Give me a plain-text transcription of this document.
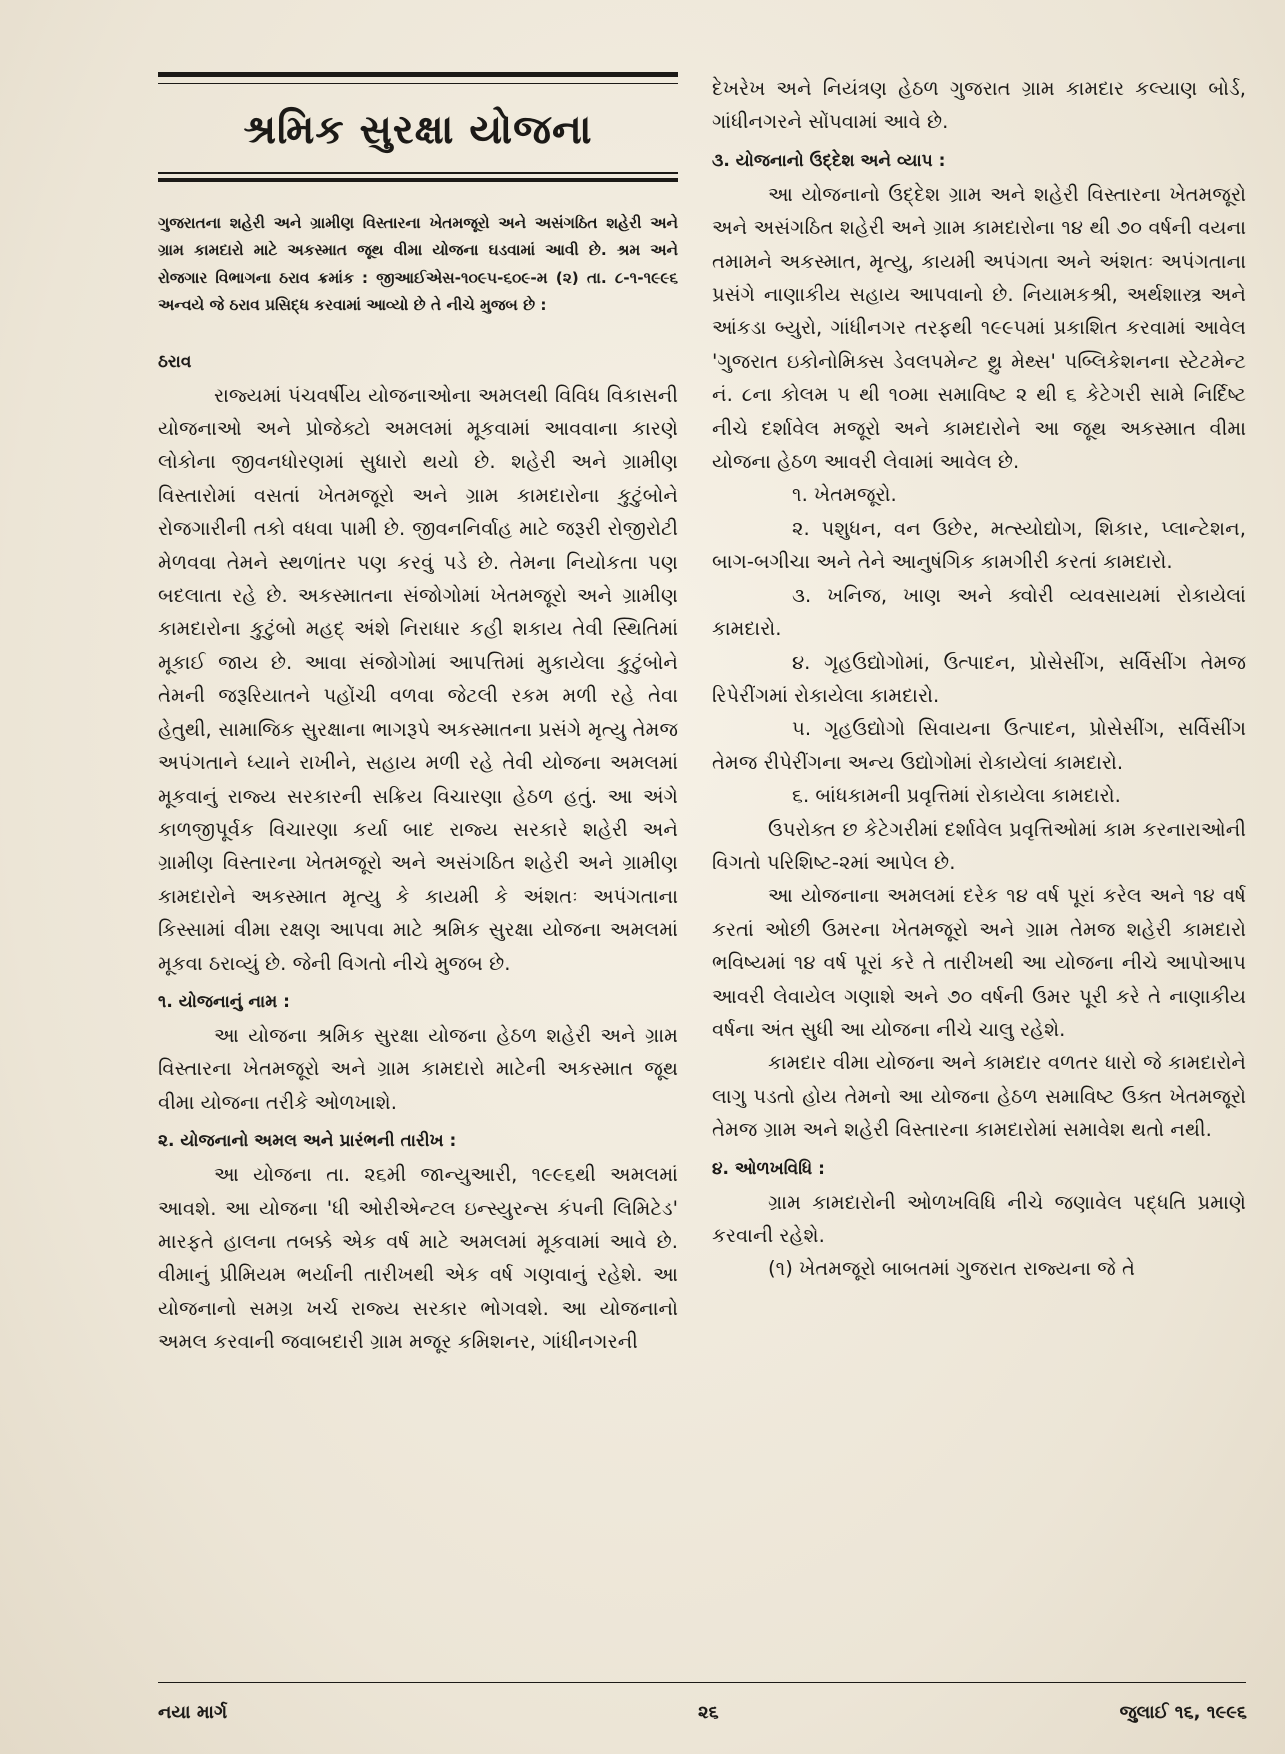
શ્રમિક સુરક્ષા યોજના

ગુજરાતના શહેરી અને ગ્રામીણ વિસ્તારના ખેતમજૂરો અને અસંગઠિત શહેરી અને ગ્રામ કામદારો માટે અકસ્માત જૂથ વીમા યોજના ઘડવામાં આવી છે. શ્રમ અને રોજગાર વિભાગના ઠરાવ ક્રમાંક : જીઆઈએસ-૧૦૯૫-૬૦૯-મ (૨) તા. ૮-૧-૧૯૯૬ અન્વયે જે ઠરાવ પ્રસિદ્ધ કરવામાં આવ્યો છે તે નીચે મુજબ છે :

ઠરાવ

રાજ્યમાં પંચવર્ષીય યોજનાઓના અમલથી વિવિધ વિકાસની યોજનાઓ અને પ્રોજેક્ટો અમલમાં મૂકવામાં આવવાના કારણે લોકોના જીવનધોરણમાં સુધારો થયો છે. શહેરી અને ગ્રામીણ વિસ્તારોમાં વસતાં ખેતમજૂરો અને ગ્રામ કામદારોના કુટુંબોને રોજગારીની તકો વધવા પામી છે. જીવનનિર્વાહ માટે જરૂરી રોજીરોટી મેળવવા તેમને સ્થળાંતર પણ કરવું પડે છે. તેમના નિયોકતા પણ બદલાતા રહે છે. અકસ્માતના સંજોગોમાં ખેતમજૂરો અને ગ્રામીણ કામદારોના કુટુંબો મહદ્ અંશે નિરાધાર કહી શકાય તેવી સ્થિતિમાં મૂકાઈ જાય છે. આવા સંજોગોમાં આપત્તિમાં મુકાયેલા કુટુંબોને તેમની જરૂરિયાતને પહોંચી વળવા જેટલી રકમ મળી રહે તેવા હેતુથી, સામાજિક સુરક્ષાના ભાગરૂપે અકસ્માતના પ્રસંગે મૃત્યુ તેમજ અપંગતાને ધ્યાને રાખીને, સહાય મળી રહે તેવી યોજના અમલમાં મૂકવાનું રાજ્ય સરકારની સક્રિય વિચારણા હેઠળ હતું. આ અંગે કાળજીપૂર્વક વિચારણા કર્યા બાદ રાજ્ય સરકારે શહેરી અને ગ્રામીણ વિસ્તારના ખેતમજૂરો અને અસંગઠિત શહેરી અને ગ્રામીણ કામદારોને અકસ્માત મૃત્યુ કે કાયમી કે અંશતઃ અપંગતાના કિસ્સામાં વીમા રક્ષણ આપવા માટે શ્રમિક સુરક્ષા યોજના અમલમાં મૂકવા ઠરાવ્યું છે. જેની વિગતો નીચે મુજબ છે.

૧. યોજનાનું નામ :

આ યોજના શ્રમિક સુરક્ષા યોજના હેઠળ શહેરી અને ગ્રામ વિસ્તારના ખેતમજૂરો અને ગ્રામ કામદારો માટેની અકસ્માત જૂથ વીમા યોજના તરીકે ઓળખાશે.

૨. યોજનાનો અમલ અને પ્રારંભની તારીખ :

આ યોજના તા. ૨૬મી જાન્યુઆરી, ૧૯૯૬થી અમલમાં આવશે. આ યોજના 'ધી ઓરીએન્ટલ ઇન્સ્યુરન્સ કંપની લિમિટેડ' મારફતે હાલના તબક્કે એક વર્ષ માટે અમલમાં મૂકવામાં આવે છે. વીમાનું પ્રીમિયમ ભર્યાની તારીખથી એક વર્ષ ગણવાનું રહેશે. આ યોજનાનો સમગ્ર ખર્ચ રાજ્ય સરકાર ભોગવશે. આ યોજનાનો અમલ કરવાની જવાબદારી ગ્રામ મજૂર કમિશનર, ગાંધીનગરની

દેખરેખ અને નિયંત્રણ હેઠળ ગુજરાત ગ્રામ કામદાર કલ્યાણ બોર્ડ, ગાંધીનગરને સોંપવામાં આવે છે.

૩. યોજનાનો ઉદ્દેશ અને વ્યાપ :

આ યોજનાનો ઉદ્દેશ ગ્રામ અને શહેરી વિસ્તારના ખેતમજૂરો અને અસંગઠિત શહેરી અને ગ્રામ કામદારોના ૧૪ થી ૭૦ વર્ષની વયના તમામને અકસ્માત, મૃત્યુ, કાયમી અપંગતા અને અંશતઃ અપંગતાના પ્રસંગે નાણાકીય સહાય આપવાનો છે. નિયામકશ્રી, અર્થશાસ્ત્ર અને આંકડા બ્યુરો, ગાંધીનગર તરફથી ૧૯૯૫માં પ્રકાશિત કરવામાં આવેલ 'ગુજરાત ઇકોનોમિક્સ ડેવલપમેન્ટ થ્રુ મેથ્સ' પબ્લિકેશનના સ્ટેટમેન્ટ નં. ૮ના કોલમ ૫ થી ૧૦મા સમાવિષ્ટ ૨ થી ૬ કેટેગરી સામે નિર્દિષ્ટ નીચે દર્શાવેલ મજૂરો અને કામદારોને આ જૂથ અકસ્માત વીમા યોજના હેઠળ આવરી લેવામાં આવેલ છે.

૧. ખેતમજૂરો.

૨. પશુધન, વન ઉછેર, મત્સ્યોદ્યોગ, શિકાર, પ્લાન્ટેશન, બાગ-બગીચા અને તેને આનુષંગિક કામગીરી કરતાં કામદારો.

૩. ખનિજ, ખાણ અને ક્વોરી વ્યવસાયમાં રોકાયેલાં કામદારો.

૪. ગૃહઉદ્યોગોમાં, ઉત્પાદન, પ્રોસેસીંગ, સર્વિસીંગ તેમજ રિપેરીંગમાં રોકાયેલા કામદારો.

૫. ગૃહઉદ્યોગો સિવાયના ઉત્પાદન, પ્રોસેસીંગ, સર્વિસીંગ તેમજ રીપેરીંગના અન્ય ઉદ્યોગોમાં રોકાયેલાં કામદારો.

૬. બાંધકામની પ્રવૃત્તિમાં રોકાયેલા કામદારો.

ઉપરોક્ત છ કેટેગરીમાં દર્શાવેલ પ્રવૃત્તિઓમાં કામ કરનારાઓની વિગતો પરિશિષ્ટ-૨માં આપેલ છે.

આ યોજનાના અમલમાં દરેક ૧૪ વર્ષ પૂરાં કરેલ અને ૧૪ વર્ષ કરતાં ઓછી ઉમરના ખેતમજૂરો અને ગ્રામ તેમજ શહેરી કામદારો ભવિષ્યમાં ૧૪ વર્ષ પૂરાં કરે તે તારીખથી આ યોજના નીચે આપોઆપ આવરી લેવાયેલ ગણાશે અને ૭૦ વર્ષની ઉમર પૂરી કરે તે નાણાકીય વર્ષના અંત સુધી આ યોજના નીચે ચાલુ રહેશે.

કામદાર વીમા યોજના અને કામદાર વળતર ધારો જે કામદારોને લાગુ પડતો હોય તેમનો આ યોજના હેઠળ સમાવિષ્ટ ઉક્ત ખેતમજૂરો તેમજ ગ્રામ અને શહેરી વિસ્તારના કામદારોમાં સમાવેશ થતો નથી.

૪. ઓળખવિધિ :

ગ્રામ કામદારોની ઓળખવિધિ નીચે જણાવેલ પદ્ધતિ પ્રમાણે કરવાની રહેશે.

(૧) ખેતમજૂરો બાબતમાં ગુજરાત રાજ્યના જે તે

નયા માર્ગ	૨૬	જુલાઈ ૧૬, ૧૯૯૬
